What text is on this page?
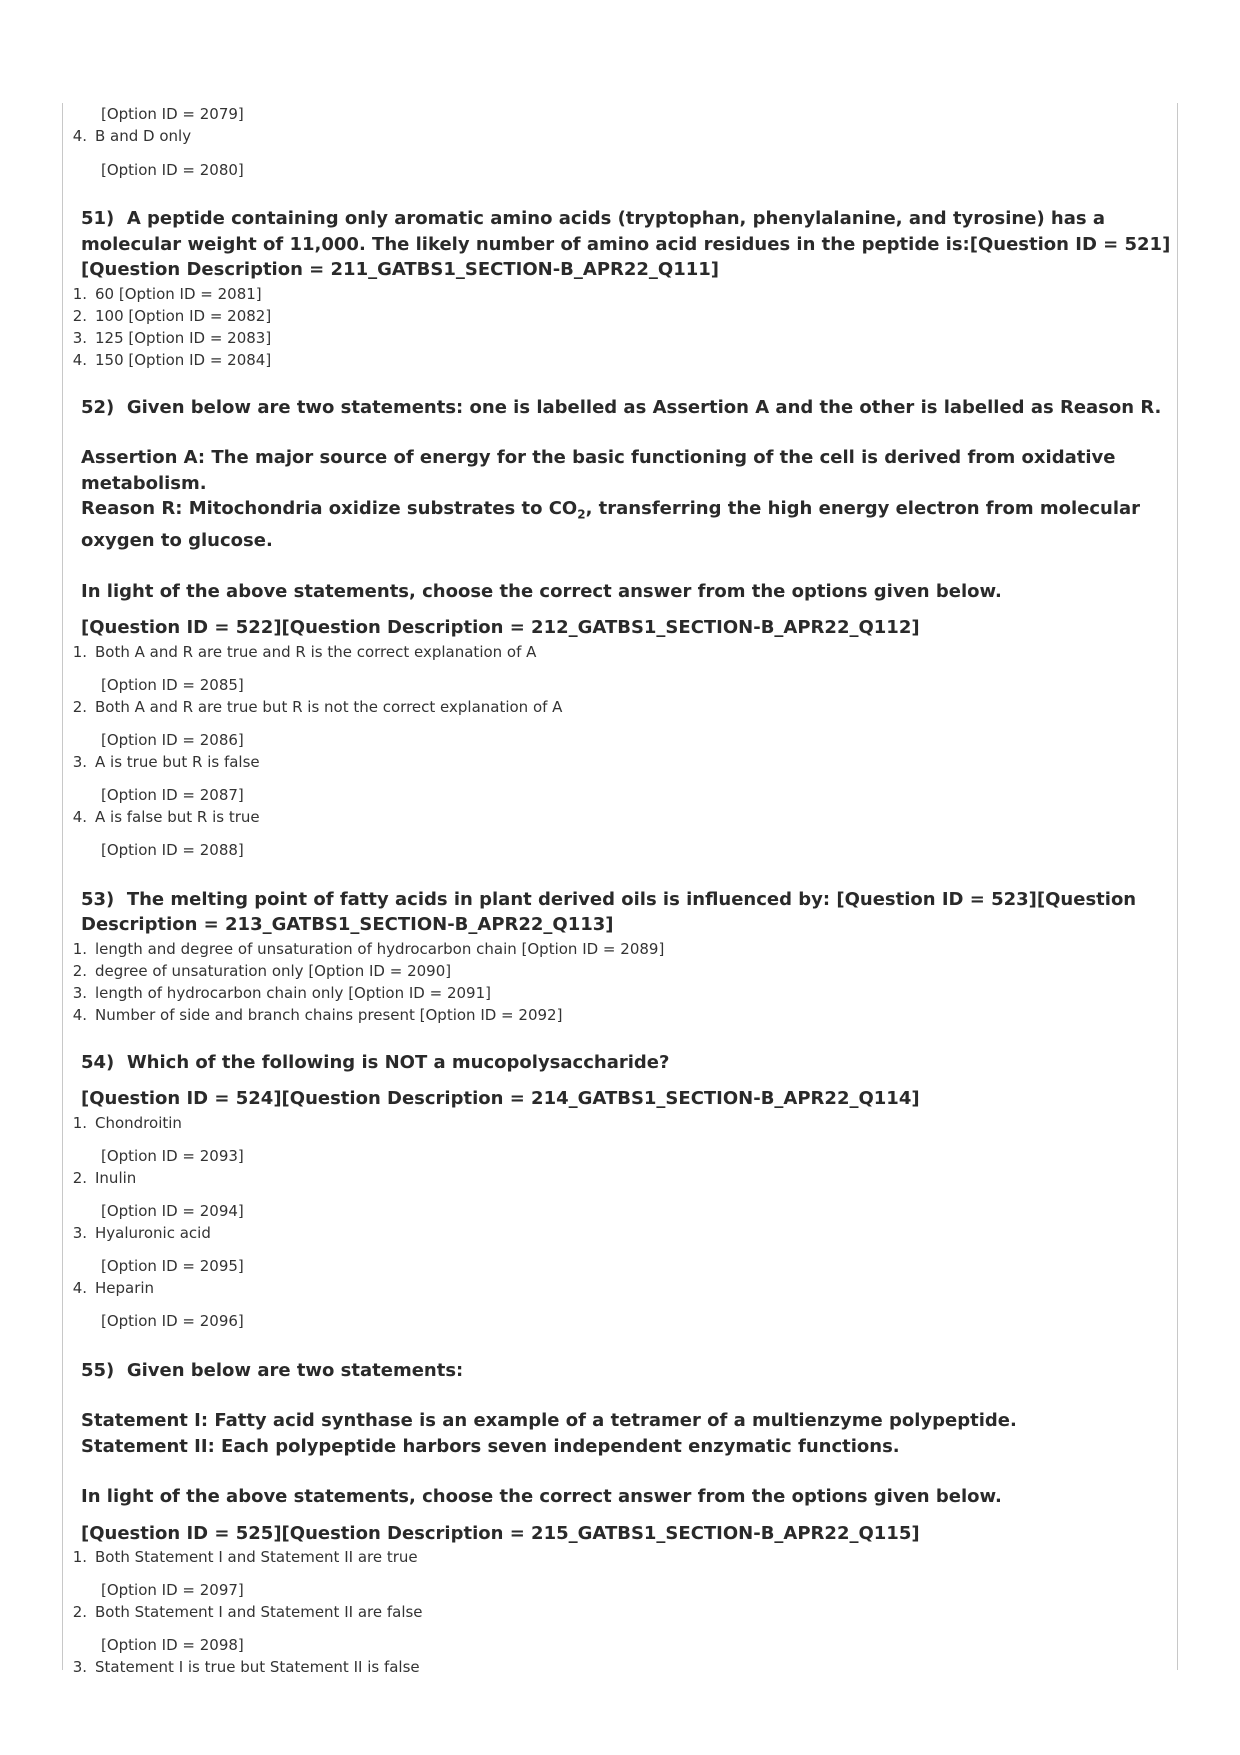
[Option ID = 2079]
4. B and D only
[Option ID = 2080]
51) A peptide containing only aromatic amino acids (tryptophan, phenylalanine, and tyrosine) has a molecular weight of 11,000. The likely number of amino acid residues in the peptide is:[Question ID = 521][Question Description = 211_GATBS1_SECTION-B_APR22_Q111]
1. 60 [Option ID = 2081]
2. 100 [Option ID = 2082]
3. 125 [Option ID = 2083]
4. 150 [Option ID = 2084]
52) Given below are two statements: one is labelled as Assertion A and the other is labelled as Reason R.
Assertion A: The major source of energy for the basic functioning of the cell is derived from oxidative metabolism.
Reason R: Mitochondria oxidize substrates to $CO_2$, transferring the high energy electron from molecular oxygen to glucose.
In light of the above statements, choose the correct answer from the options given below.
[Question ID = 522][Question Description = 212_GATBS1_SECTION-B_APR22_Q112]
1. Both A and R are true and R is the correct explanation of A
[Option ID = 2085]
2. Both A and R are true but R is not the correct explanation of A
[Option ID = 2086]
3. A is true but R is false
[Option ID = 2087]
4. A is false but R is true
[Option ID = 2088]
53) The melting point of fatty acids in plant derived oils is influenced by: [Question ID = 523][Question Description = 213_GATBS1_SECTION-B_APR22_Q113]
1. length and degree of unsaturation of hydrocarbon chain [Option ID = 2089]
2. degree of unsaturation only [Option ID = 2090]
3. length of hydrocarbon chain only [Option ID = 2091]
4. Number of side and branch chains present [Option ID = 2092]
54) Which of the following is NOT a mucopolysaccharide?
[Question ID = 524][Question Description = 214_GATBS1_SECTION-B_APR22_Q114]
1. Chondroitin
[Option ID = 2093]
2. Inulin
[Option ID = 2094]
3. Hyaluronic acid
[Option ID = 2095]
4. Heparin
[Option ID = 2096]
55) Given below are two statements:
Statement I: Fatty acid synthase is an example of a tetramer of a multienzyme polypeptide.
Statement II: Each polypeptide harbors seven independent enzymatic functions.
In light of the above statements, choose the correct answer from the options given below.
[Question ID = 525][Question Description = 215_GATBS1_SECTION-B_APR22_Q115]
1. Both Statement I and Statement II are true
[Option ID = 2097]
2. Both Statement I and Statement II are false
[Option ID = 2098]
3. Statement I is true but Statement II is false
